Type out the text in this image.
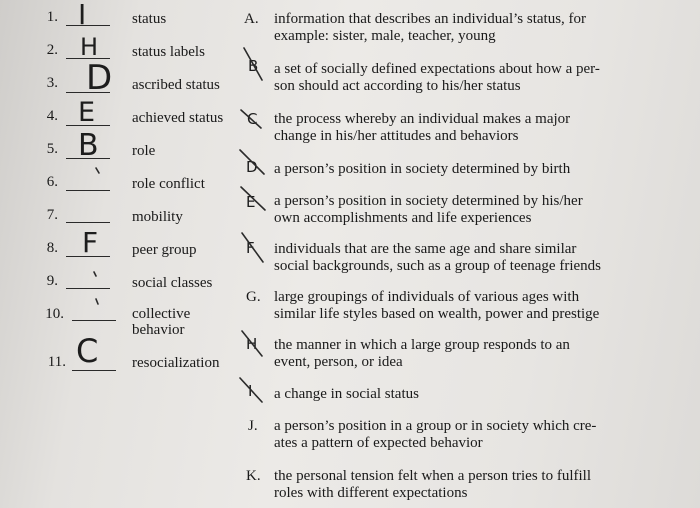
1. I	status
2. H status labels
3. D ascribed status
4. E achieved status
5. B role
6.	role conflict
7.	mobility
8. F peer group
9.	social classes
10.	collective
behavior
11. C resocialization
A.	information that describes an individual’s status, for
example: sister, male, teacher, young
B a set of socially defined expectations about how a per-
son should act according to his/her status
C the process whereby an individual makes a major
change in his/her attitudes and behaviors
D a person’s position in society determined by birth
E a person’s position in society determined by his/her
own accomplishments and life experiences
F individuals that are the same age and share similar
social backgrounds, such as a group of teenage friends
G. large groupings of individuals of various ages with
similar life styles based on wealth, power and prestige
H the manner in which a large group responds to an
event, person, or idea
I a change in social status
J.	a person’s position in a group or in society which cre-
ates a pattern of expected behavior
K. the personal tension felt when a person tries to fulfill
roles with different expectations
